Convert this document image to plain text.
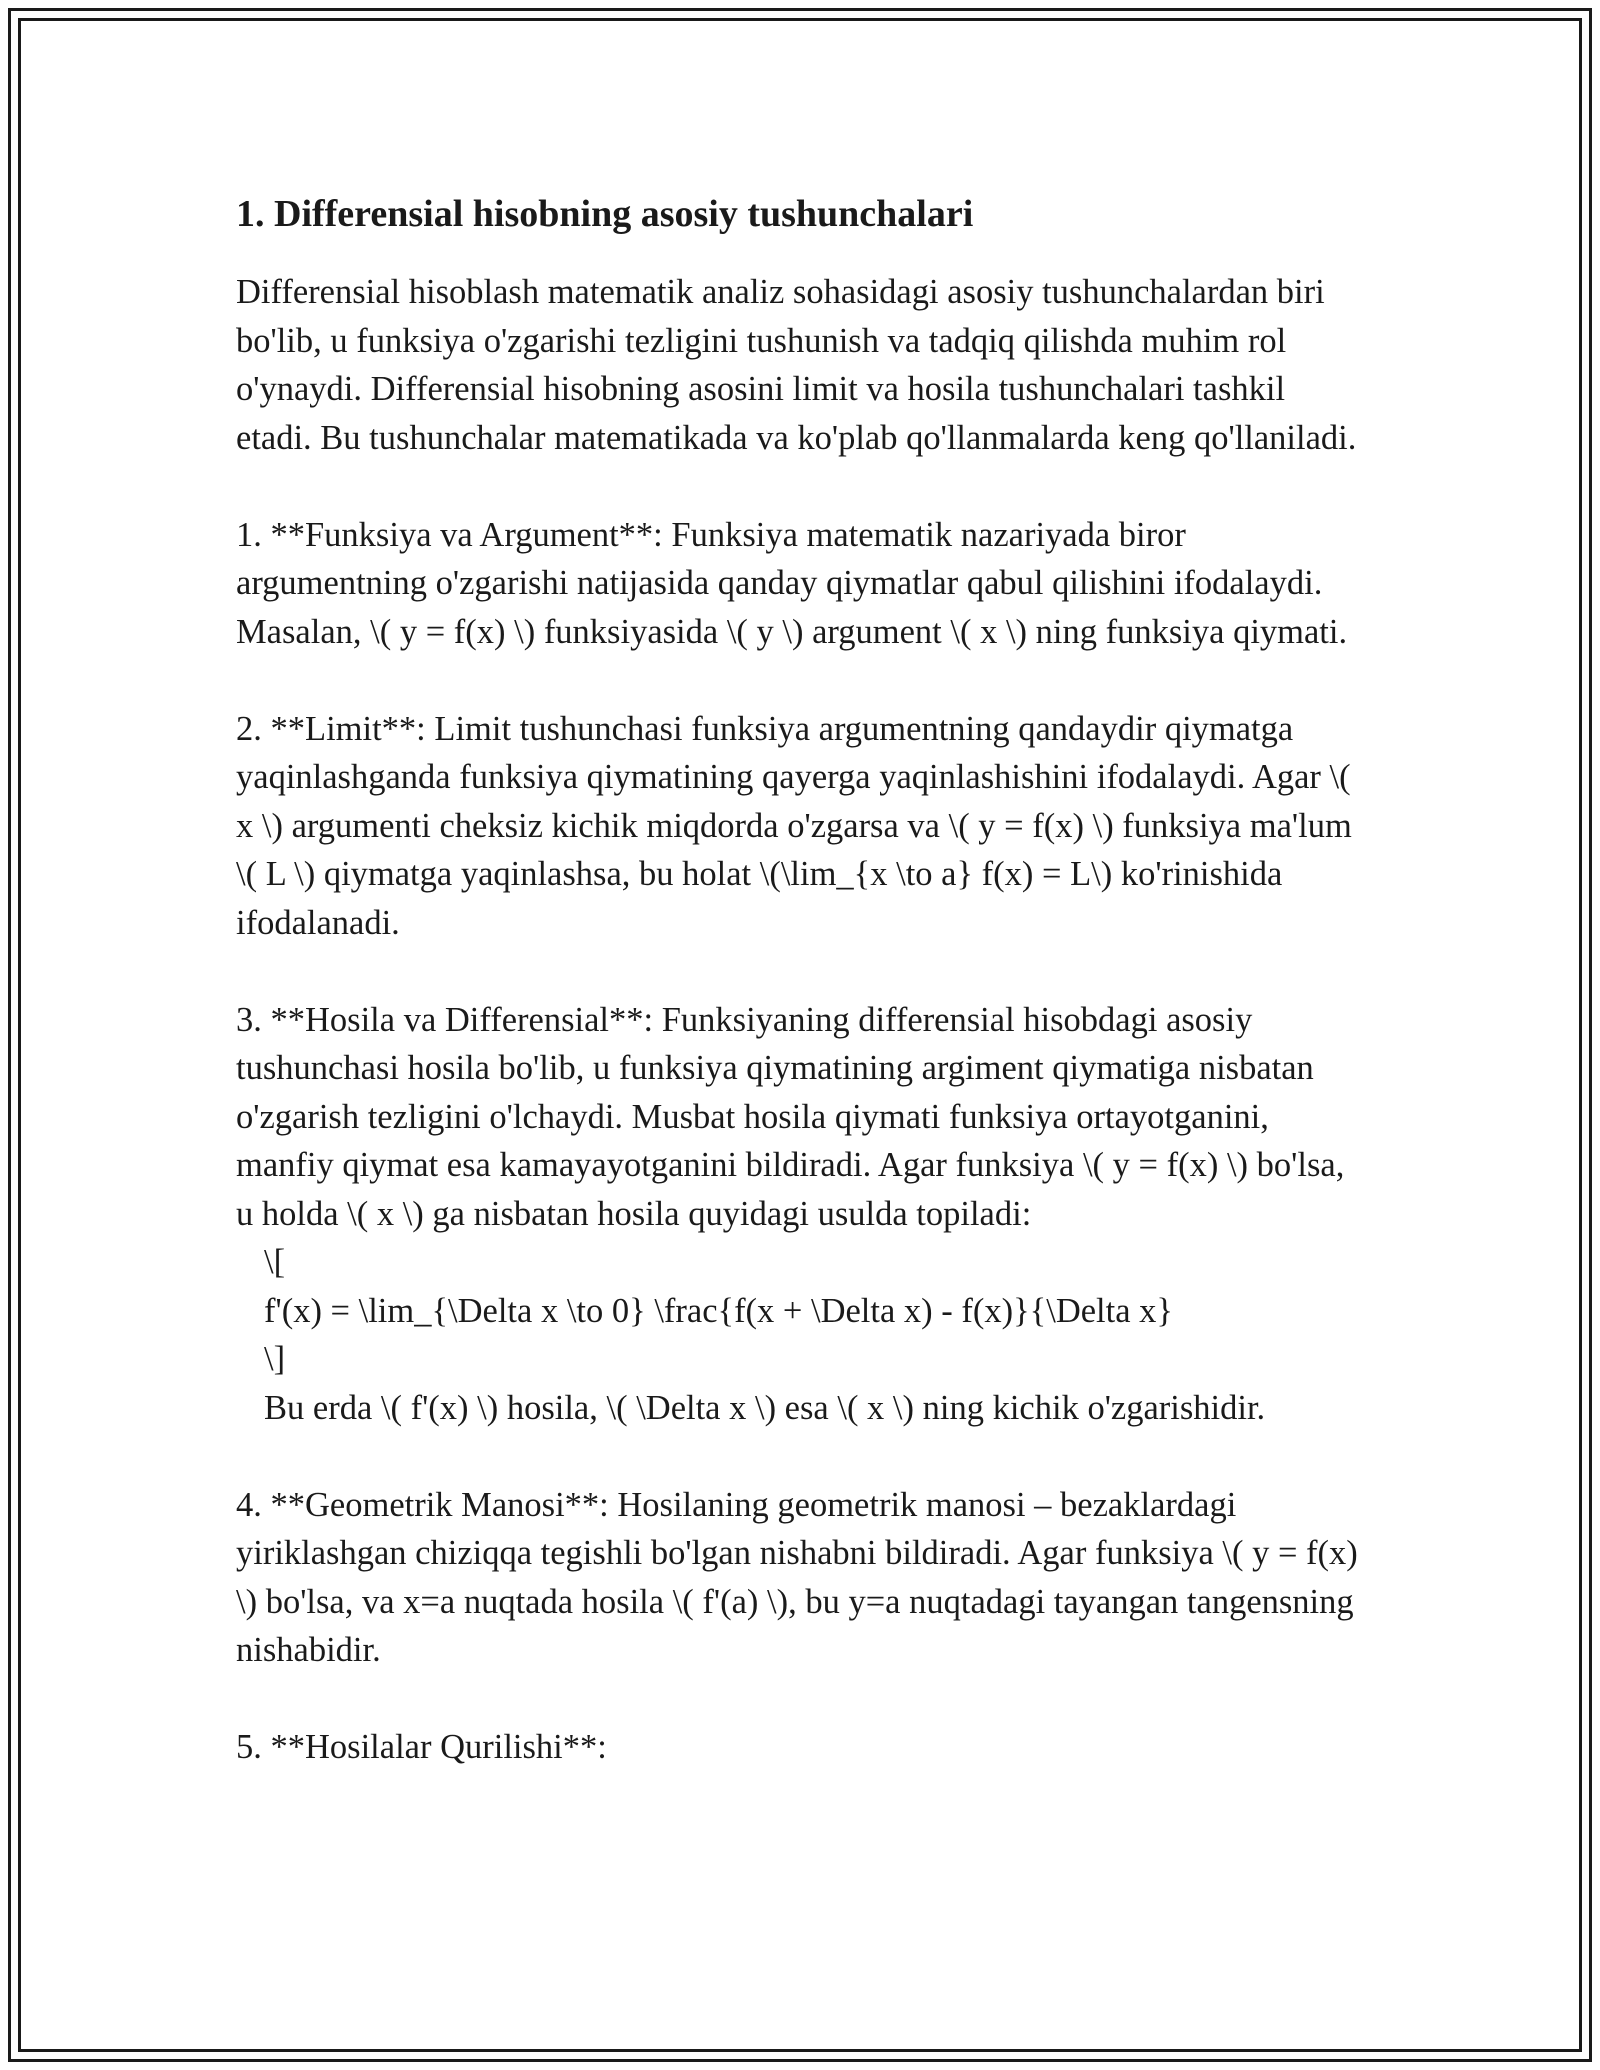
1. Differensial hisobning asosiy tushunchalari

Differensial hisoblash matematik analiz sohasidagi asosiy tushunchalardan biri bo'lib, u funksiya o'zgarishi tezligini tushunish va tadqiq qilishda muhim rol o'ynaydi. Differensial hisobning asosini limit va hosila tushunchalari tashkil etadi. Bu tushunchalar matematikada va ko'plab qo'llanmalarda keng qo'llaniladi.

1. **Funksiya va Argument**: Funksiya matematik nazariyada biror argumentning o'zgarishi natijasida qanday qiymatlar qabul qilishini ifodalaydi. Masalan, \( y = f(x) \) funksiyasida \( y \) argument \( x \) ning funksiya qiymati.

2. **Limit**: Limit tushunchasi funksiya argumentning qandaydir qiymatga yaqinlashganda funksiya qiymatining qayerga yaqinlashishini ifodalaydi. Agar \( x \) argumenti cheksiz kichik miqdorda o'zgarsa va \( y = f(x) \) funksiya ma'lum \( L \) qiymatga yaqinlashsa, bu holat \(\lim_{x \to a} f(x) = L\) ko'rinishida ifodalanadi.

3. **Hosila va Differensial**: Funksiyaning differensial hisobdagi asosiy tushunchasi hosila bo'lib, u funksiya qiymatining argiment qiymatiga nisbatan o'zgarish tezligini o'lchaydi. Musbat hosila qiymati funksiya ortayotganini, manfiy qiymat esa kamayayotganini bildiradi. Agar funksiya \( y = f(x) \) bo'lsa, u holda \( x \) ga nisbatan hosila quyidagi usulda topiladi:

\[
f'(x) = \lim_{\Delta x \to 0} \frac{f(x + \Delta x) - f(x)}{\Delta x}
\]
Bu erda \( f'(x) \) hosila, \( \Delta x \) esa \( x \) ning kichik o'zgarishidir.

4. **Geometrik Manosi**: Hosilaning geometrik manosi – bezaklardagi yiriklashgan chiziqqa tegishli bo'lgan nishabni bildiradi. Agar funksiya \( y = f(x) \) bo'lsa, va x=a nuqtada hosila \( f'(a) \), bu y=a nuqtadagi tayangan tangensning nishabidir.

5. **Hosilalar Qurilishi**:
